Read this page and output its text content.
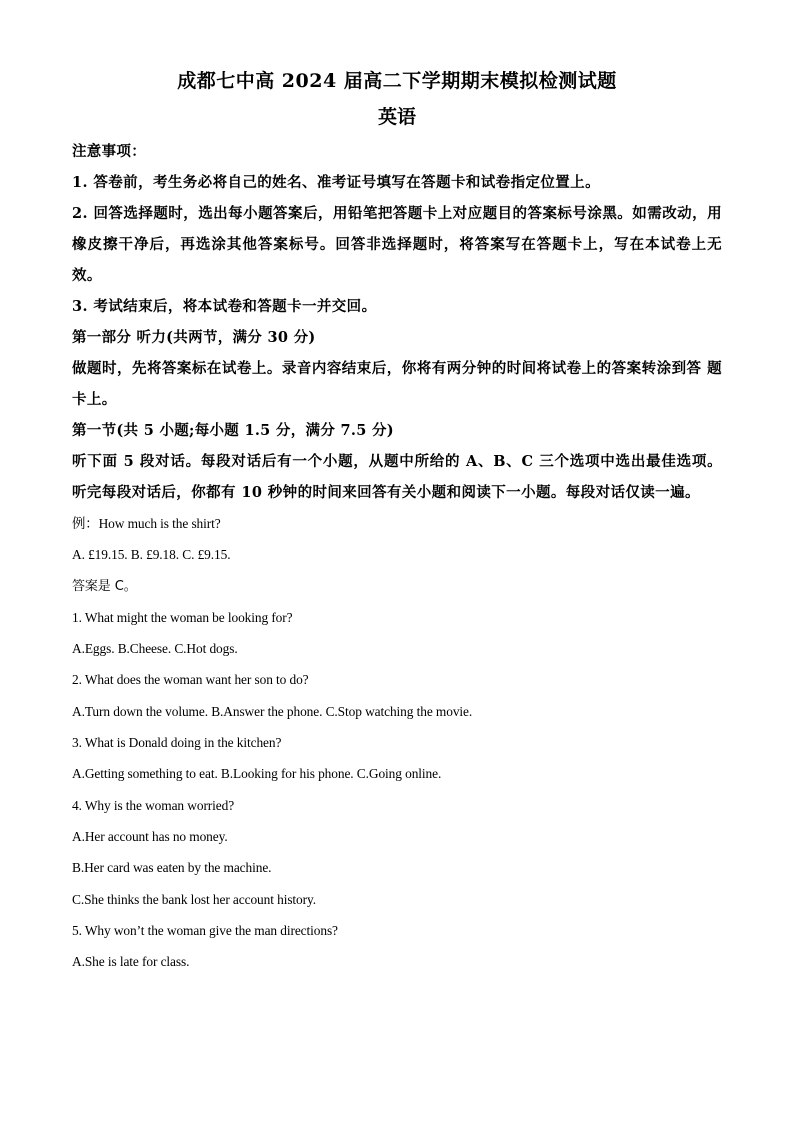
成都七中高 2024 届高二下学期期末模拟检测试题
英语

注意事项：

1. 答卷前，考生务必将自己的姓名、准考证号填写在答题卡和试卷指定位置上。

2. 回答选择题时，选出每小题答案后，用铅笔把答题卡上对应题目的答案标号涂黑。如需改动，用橡皮擦干净后，再选涂其他答案标号。回答非选择题时，将答案写在答题卡上，写在本试卷上无效。

3. 考试结束后，将本试卷和答题卡一并交回。

第一部分 听力(共两节，满分 30 分)

做题时，先将答案标在试卷上。录音内容结束后，你将有两分钟的时间将试卷上的答案转涂到答 题卡上。

第一节(共 5 小题;每小题 1.5 分，满分 7.5 分)

听下面 5 段对话。每段对话后有一个小题，从题中所给的 A、B、C 三个选项中选出最佳选项。 听完每段对话后，你都有 10 秒钟的时间来回答有关小题和阅读下一小题。每段对话仅读一遍。

例：How much is the shirt?

A. £19.15. B. £9.18. C. £9.15.

答案是 C。

1. What might the woman be looking for?

A.Eggs. B.Cheese. C.Hot dogs.

2. What does the woman want her son to do?

A.Turn down the volume. B.Answer the phone. C.Stop watching the movie.

3. What is Donald doing in the kitchen?

A.Getting something to eat. B.Looking for his phone. C.Going online.

4. Why is the woman worried?

A.Her account has no money.

B.Her card was eaten by the machine.

C.She thinks the bank lost her account history.

5. Why won’t the woman give the man directions?

A.She is late for class.
